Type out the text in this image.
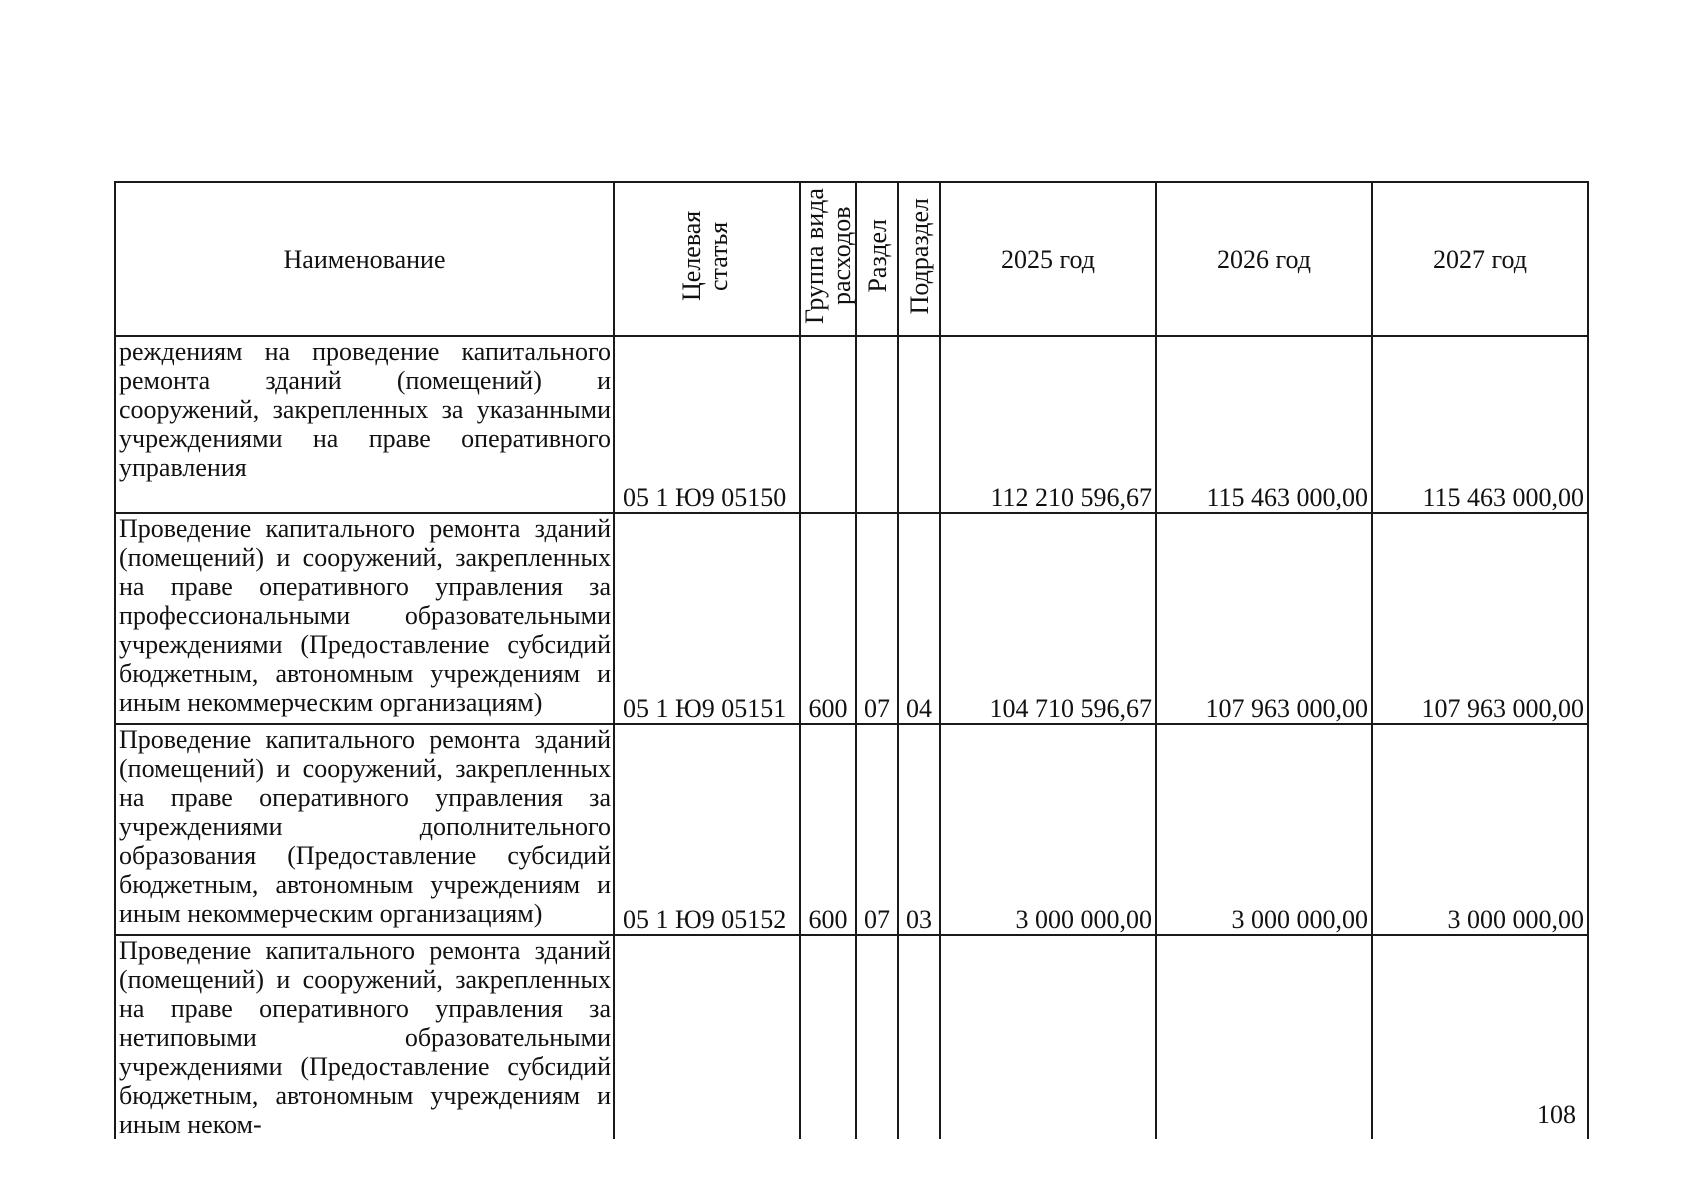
Наименование	Целевая статья	Группа вида расходов	Раздел	Подраздел	2025 год	2026 год	2027 год
реждениям на проведение капитального ремонта зданий (помещений) и сооружений, закрепленных за указанными учреждениями на праве оперативного управления	05 1 Ю9 05150				112 210 596,67	115 463 000,00	115 463 000,00
Проведение капитального ремонта зданий (помещений) и сооружений, закрепленных на праве оперативного управления за профессиональными образовательными учреждениями (Предоставление субсидий бюджетным, автономным учреждениям и иным некоммерческим организациям)	05 1 Ю9 05151	600	07	04	104 710 596,67	107 963 000,00	107 963 000,00
Проведение капитального ремонта зданий (помещений) и сооружений, закрепленных на праве оперативного управления за учреждениями дополнительного образования (Предоставление субсидий бюджетным, автономным учреждениям и иным некоммерческим организациям)	05 1 Ю9 05152	600	07	03	3 000 000,00	3 000 000,00	3 000 000,00
Проведение капитального ремонта зданий (помещений) и сооружений, закрепленных на праве оперативного управления за нетиповыми образовательными учреждениями (Предоставление субсидий бюджетным, автономным учреждениям и иным неком-								108
